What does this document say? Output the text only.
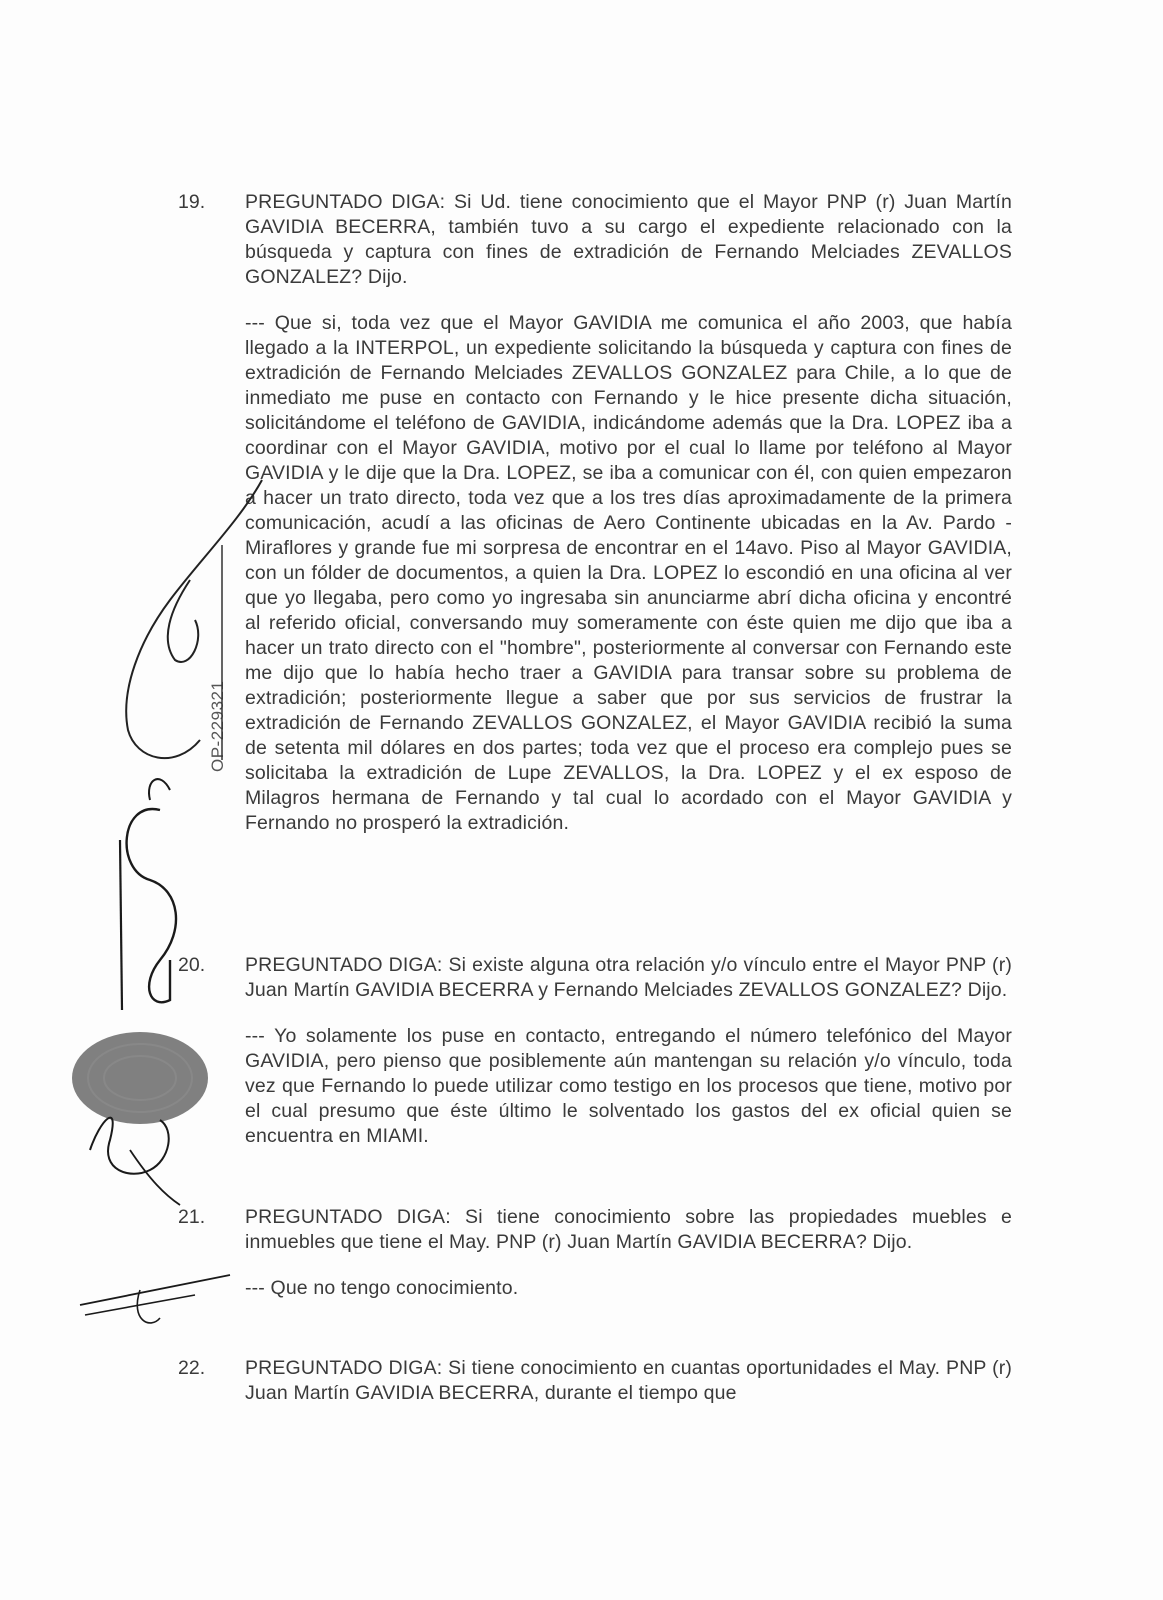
19.	PREGUNTADO DIGA: Si Ud. tiene conocimiento que el Mayor PNP (r) Juan Martín GAVIDIA BECERRA, también tuvo a su cargo el expediente relacionado con la búsqueda y captura con fines de extradición de Fernando Melciades ZEVALLOS GONZALEZ? Dijo.
--- Que si, toda vez que el Mayor GAVIDIA me comunica el año 2003, que había llegado a la INTERPOL, un expediente solicitando la búsqueda y captura con fines de extradición de Fernando Melciades ZEVALLOS GONZALEZ para Chile, a lo que de inmediato me puse en contacto con Fernando y le hice presente dicha situación, solicitándome el teléfono de GAVIDIA, indicándome además que la Dra. LOPEZ iba a coordinar con el Mayor GAVIDIA, motivo por el cual lo llame por teléfono al Mayor GAVIDIA y le dije que la Dra. LOPEZ, se iba a comunicar con él, con quien empezaron a hacer un trato directo, toda vez que a los tres días aproximadamente de la primera comunicación, acudí a las oficinas de Aero Continente ubicadas en la Av. Pardo - Miraflores y grande fue mi sorpresa de encontrar en el 14avo. Piso al Mayor GAVIDIA, con un fólder de documentos, a quien la Dra. LOPEZ lo escondió en una oficina al ver que yo llegaba, pero como yo ingresaba sin anunciarme abrí dicha oficina y encontré al referido oficial, conversando muy someramente con éste quien me dijo que iba a hacer un trato directo con el "hombre", posteriormente al conversar con Fernando este me dijo que lo había hecho traer a GAVIDIA para transar sobre su problema de extradición; posteriormente llegue a saber que por sus servicios de frustrar la extradición de Fernando ZEVALLOS GONZALEZ, el Mayor GAVIDIA recibió la suma de setenta mil dólares en dos partes; toda vez que el proceso era complejo pues se solicitaba la extradición de Lupe ZEVALLOS, la Dra. LOPEZ y el ex esposo de Milagros hermana de Fernando y tal cual lo acordado con el Mayor GAVIDIA y Fernando no prosperó la extradición.
20.	PREGUNTADO DIGA: Si existe alguna otra relación y/o vínculo entre el Mayor PNP (r) Juan Martín GAVIDIA BECERRA y Fernando Melciades ZEVALLOS GONZALEZ? Dijo.
--- Yo solamente los puse en contacto, entregando el número telefónico del Mayor GAVIDIA, pero pienso que posiblemente aún mantengan su relación y/o vínculo, toda vez que Fernando lo puede utilizar como testigo en los procesos que tiene, motivo por el cual presumo que éste último le solventado los gastos del ex oficial quien se encuentra en MIAMI.
21.	PREGUNTADO DIGA: Si tiene conocimiento sobre las propiedades muebles e inmuebles que tiene el May. PNP (r) Juan Martín GAVIDIA BECERRA? Dijo.
--- Que no tengo conocimiento.
22.	PREGUNTADO DIGA: Si tiene conocimiento en cuantas oportunidades el May. PNP (r) Juan Martín GAVIDIA BECERRA, durante el tiempo que
OP-229321
